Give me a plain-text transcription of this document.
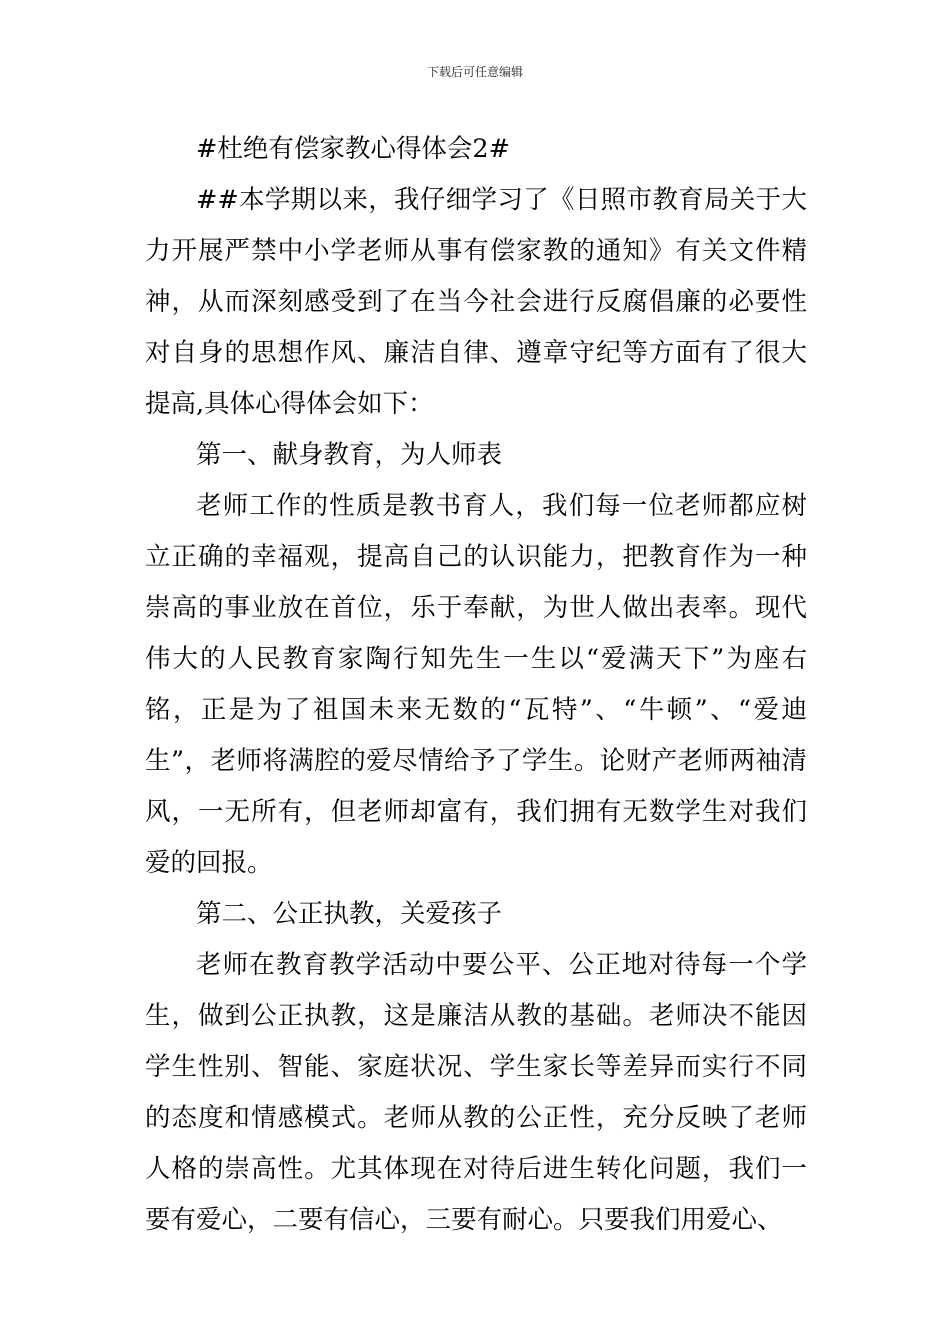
下载后可任意编辑

#杜绝有偿家教心得体会2#

##本学期以来，我仔细学习了《日照市教育局关于大力开展严禁中小学老师从事有偿家教的通知》有关文件精神，从而深刻感受到了在当今社会进行反腐倡廉的必要性对自身的思想作风、廉洁自律、遵章守纪等方面有了很大提高,具体心得体会如下：

第一、献身教育，为人师表

老师工作的性质是教书育人，我们每一位老师都应树立正确的幸福观，提高自己的认识能力，把教育作为一种崇高的事业放在首位，乐于奉献，为世人做出表率。现代伟大的人民教育家陶行知先生一生以“爱满天下”为座右铭，正是为了祖国未来无数的“瓦特”、“牛顿”、“爱迪生”，老师将满腔的爱尽情给予了学生。论财产老师两袖清风，一无所有，但老师却富有，我们拥有无数学生对我们爱的回报。

第二、公正执教，关爱孩子

老师在教育教学活动中要公平、公正地对待每一个学生，做到公正执教，这是廉洁从教的基础。老师决不能因学生性别、智能、家庭状况、学生家长等差异而实行不同的态度和情感模式。老师从教的公正性，充分反映了老师人格的崇高性。尤其体现在对待后进生转化问题，我们一要有爱心，二要有信心，三要有耐心。只要我们用爱心、
